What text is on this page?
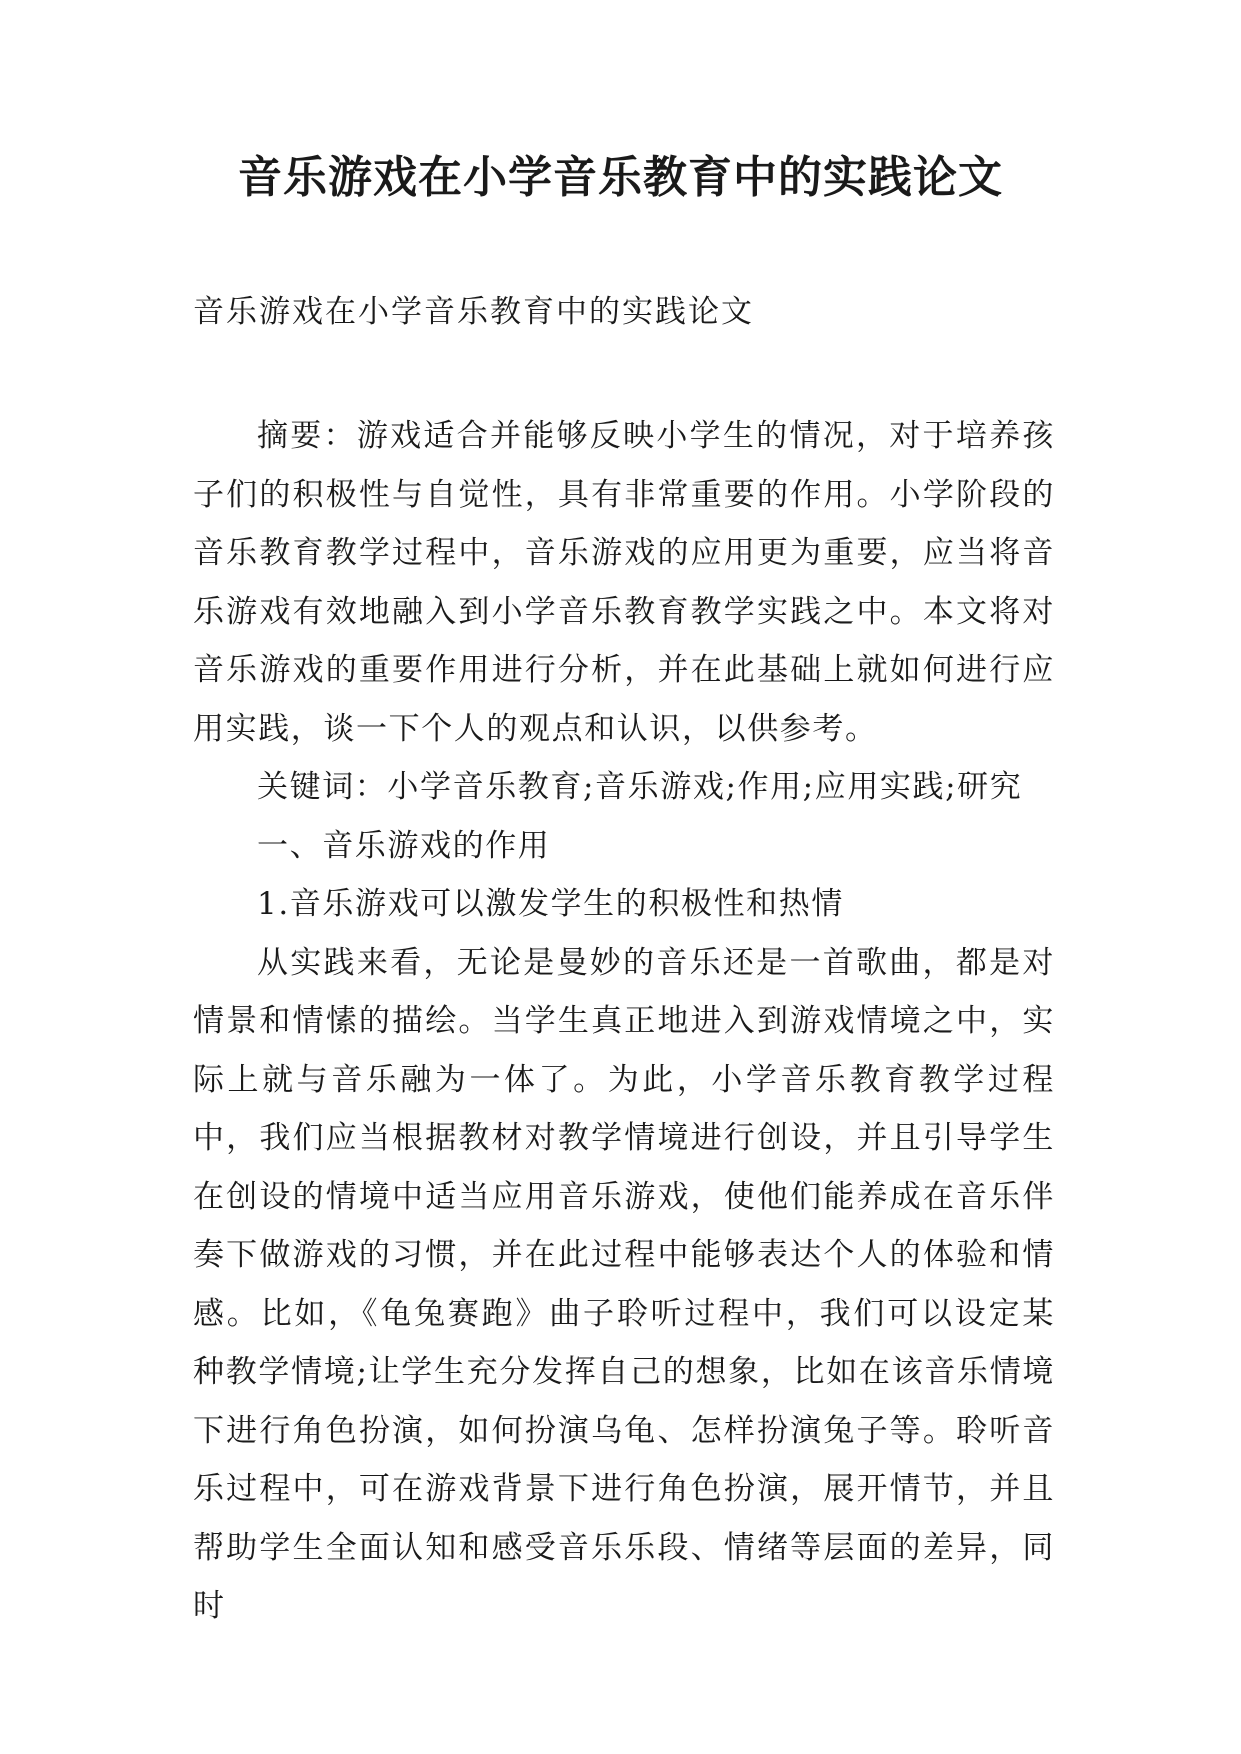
音乐游戏在小学音乐教育中的实践论文
音乐游戏在小学音乐教育中的实践论文

摘要：游戏适合并能够反映小学生的情况，对于培养孩子们的积极性与自觉性，具有非常重要的作用。小学阶段的音乐教育教学过程中，音乐游戏的应用更为重要，应当将音乐游戏有效地融入到小学音乐教育教学实践之中。本文将对音乐游戏的重要作用进行分析，并在此基础上就如何进行应用实践，谈一下个人的观点和认识，以供参考。

关键词：小学音乐教育;音乐游戏;作用;应用实践;研究

一、音乐游戏的作用

1.音乐游戏可以激发学生的积极性和热情

从实践来看，无论是曼妙的音乐还是一首歌曲，都是对情景和情愫的描绘。当学生真正地进入到游戏情境之中，实际上就与音乐融为一体了。为此，小学音乐教育教学过程中，我们应当根据教材对教学情境进行创设，并且引导学生在创设的情境中适当应用音乐游戏，使他们能养成在音乐伴奏下做游戏的习惯，并在此过程中能够表达个人的体验和情感。比如，《龟兔赛跑》曲子聆听过程中，我们可以设定某种教学情境;让学生充分发挥自己的想象，比如在该音乐情境下进行角色扮演，如何扮演乌龟、怎样扮演兔子等。聆听音乐过程中，可在游戏背景下进行角色扮演，展开情节，并且帮助学生全面认知和感受音乐乐段、情绪等层面的差异，同时
